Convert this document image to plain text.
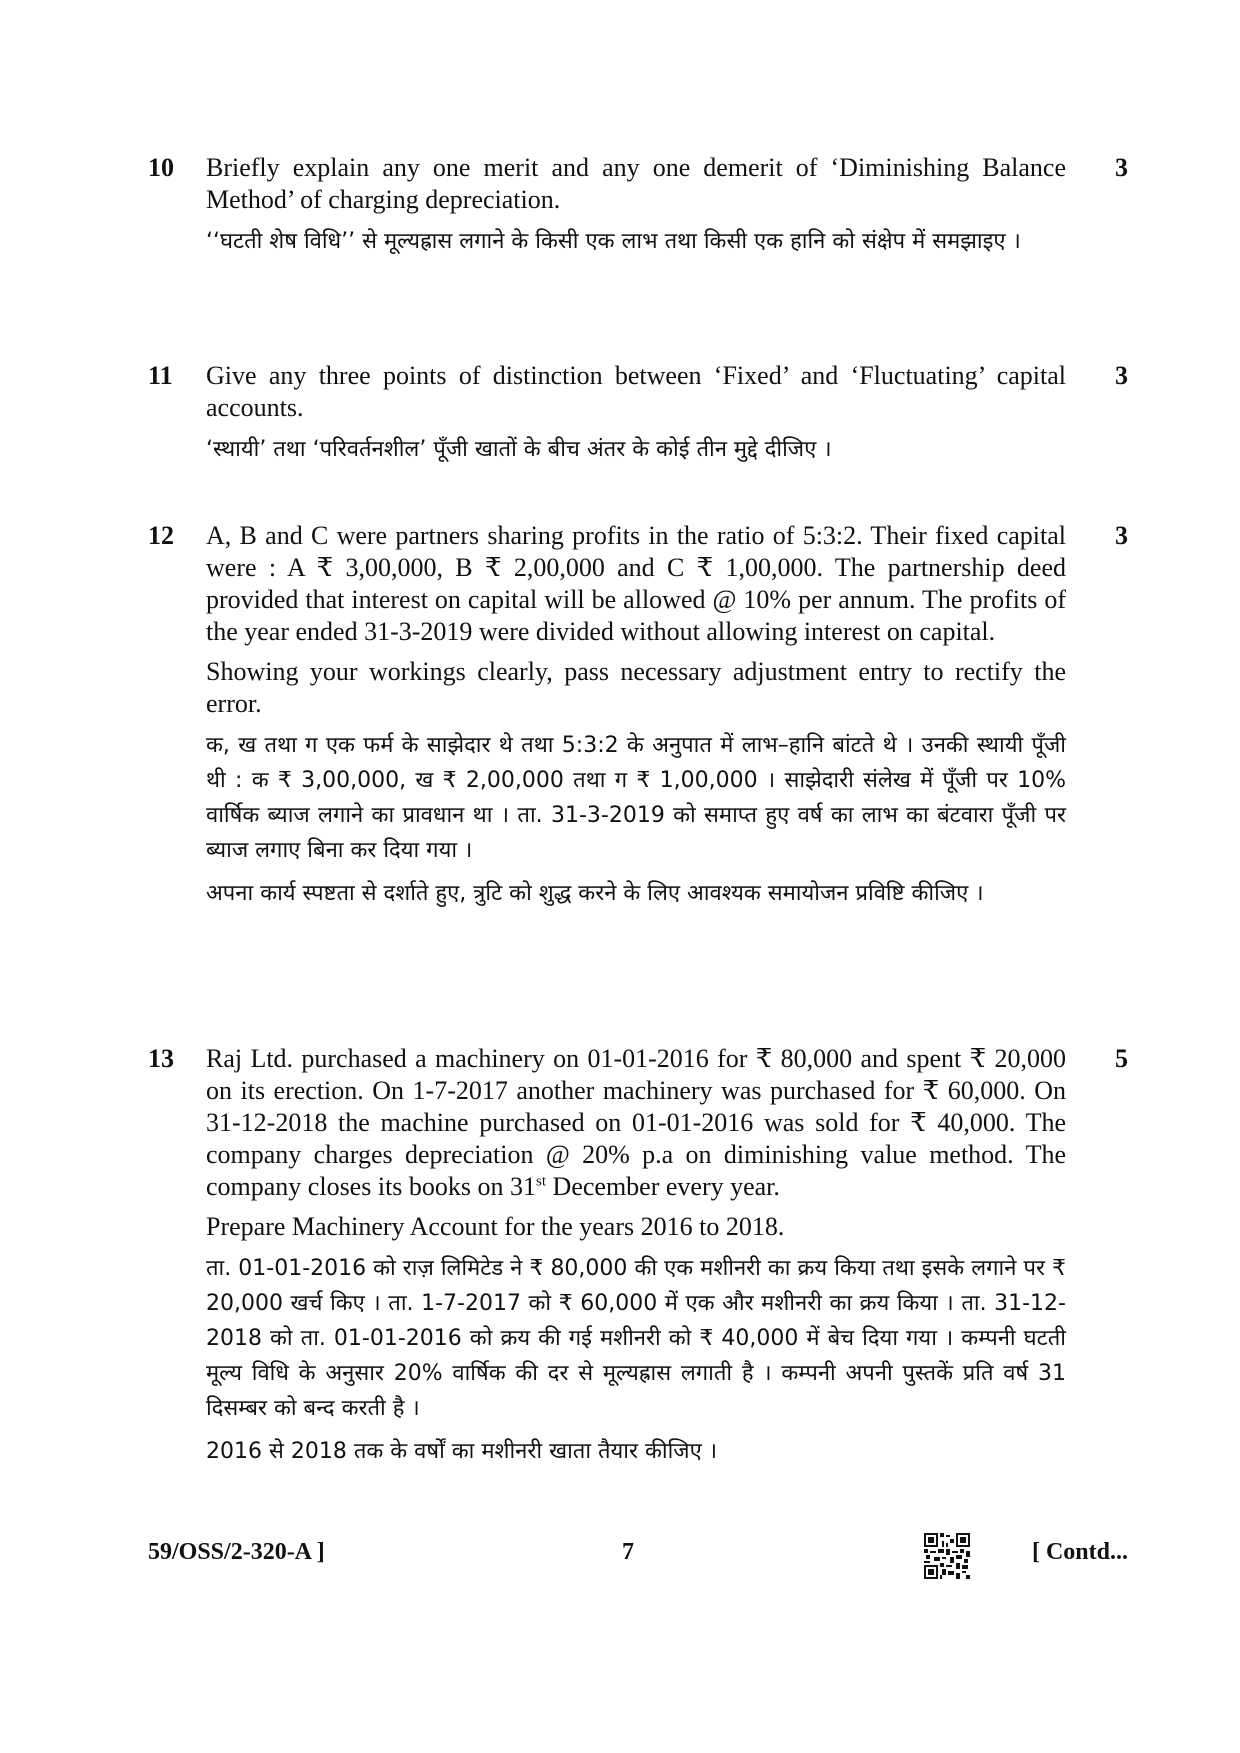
10	3

Briefly explain any one merit and any one demerit of ‘Diminishing Balance Method’ of charging depreciation.

‘‘घटती शेष विधि’’ से मूल्यह्रास लगाने के किसी एक लाभ तथा किसी एक हानि को संक्षेप में समझाइए ।

11	3

Give any three points of distinction between ‘Fixed’ and ‘Fluctuating’ capital accounts.

‘स्थायी’ तथा ‘परिवर्तनशील’ पूँजी खातों के बीच अंतर के कोई तीन मुद्दे दीजिए ।

12	3

A, B and C were partners sharing profits in the ratio of 5:3:2. Their fixed capital were : A ₹ 3,00,000, B ₹ 2,00,000 and C ₹ 1,00,000. The partnership deed provided that interest on capital will be allowed @ 10% per annum. The profits of the year ended 31-3-2019 were divided without allowing interest on capital.

Showing your workings clearly, pass necessary adjustment entry to rectify the error.

क, ख तथा ग एक फर्म के साझेदार थे तथा 5:3:2 के अनुपात में लाभ–हानि बांटते थे । उनकी स्थायी पूँजी थी : क ₹ 3,00,000, ख ₹ 2,00,000 तथा ग ₹ 1,00,000 । साझेदारी संलेख में पूँजी पर 10% वार्षिक ब्याज लगाने का प्रावधान था । ता. 31-3-2019 को समाप्त हुए वर्ष का लाभ का बंटवारा पूँजी पर ब्याज लगाए बिना कर दिया गया ।

अपना कार्य स्पष्टता से दर्शाते हुए, त्रुटि को शुद्ध करने के लिए आवश्यक समायोजन प्रविष्टि कीजिए ।

13	5

Raj Ltd. purchased a machinery on 01-01-2016 for ₹ 80,000 and spent ₹ 20,000 on its erection. On 1-7-2017 another machinery was purchased for ₹ 60,000. On 31-12-2018 the machine purchased on 01-01-2016 was sold for ₹ 40,000. The company charges depreciation @ 20% p.a on diminishing value method. The company closes its books on 31st December every year.

Prepare Machinery Account for the years 2016 to 2018.

ता. 01-01-2016 को राज़ लिमिटेड ने ₹ 80,000 की एक मशीनरी का क्रय किया तथा इसके लगाने पर ₹ 20,000 खर्च किए । ता. 1-7-2017 को ₹ 60,000 में एक और मशीनरी का क्रय किया । ता. 31-12-2018 को ता. 01-01-2016 को क्रय की गई मशीनरी को ₹ 40,000 में बेच दिया गया । कम्पनी घटती मूल्य विधि के अनुसार 20% वार्षिक की दर से मूल्यह्रास लगाती है । कम्पनी अपनी पुस्तकें प्रति वर्ष 31 दिसम्बर को बन्द करती है ।

2016 से 2018 तक के वर्षों का मशीनरी खाता तैयार कीजिए ।

59/OSS/2-320-A ]	7	[ Contd...
